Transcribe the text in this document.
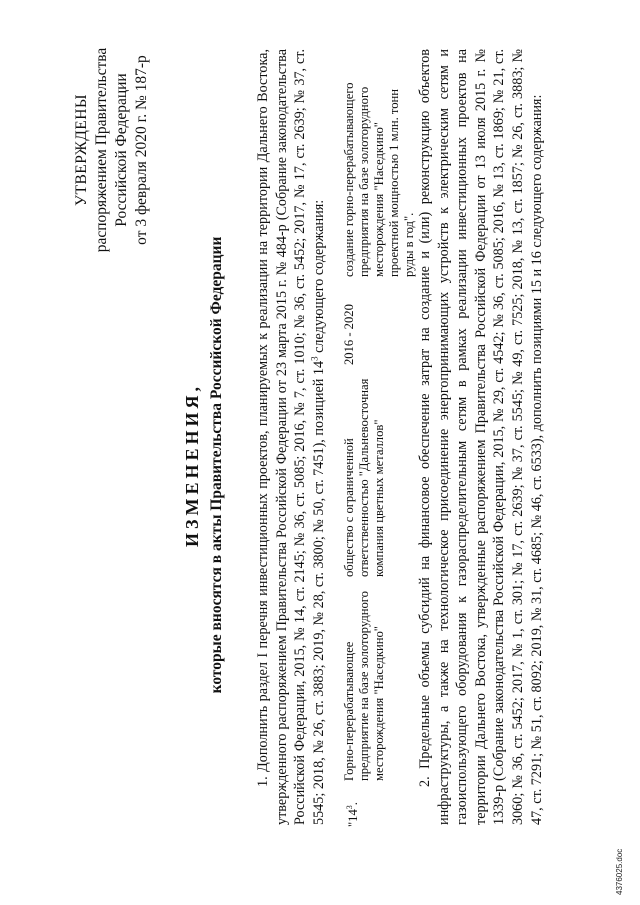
УТВЕРЖДЕНЫ распоряжением Правительства Российской Федерации от 3 февраля 2020 г. № 187-р
ИЗМЕНЕНИЯ, которые вносятся в акты Правительства Российской Федерации 1. Дополнить раздел I перечня инвестиционных проектов, планируемых к реализации на территории Дальнего Востока, утвержденного распоряжением Правительства Российской Федерации от 23 марта 2015 г. № 484-р (Собрание законодательства Российской Федерации, 2015, № 14, ст. 2145; № 36, ст. 5085; 2016, № 7, ст. 1010; № 36, ст. 5452; 2017, № 17, ст. 2639; № 37, ст. 5545; 2018, № 26, ст. 3883; 2019, № 28, ст. 3800; № 50, ст. 7451), позицией $14^3$ следующего содержания:

"$14^3$.
Горно-перерабатывающее предприятие на базе золоторудного месторождения "Наседкино"
общество с ограниченной ответственностью "Дальневосточная компания цветных металлов"
2016 - 2020
создание горно-перерабатывающего предприятия на базе золоторудного месторождения "Наседкино" проектной мощностью 1 млн. тонн руды в год". 2. Предельные объемы субсидий на финансовое обеспечение затрат на создание и (или) реконструкцию объектов инфраструктуры, а также на технологическое присоединение энергопринимающих устройств к электрическим сетям и газоиспользующего оборудования к газораспределительным сетям в рамках реализации инвестиционных проектов на территории Дальнего Востока, утвержденные распоряжением Правительства Российской Федерации от 13 июля 2015 г. № 1339-р (Собрание законодательства Российской Федерации, 2015, № 29, ст. 4542; № 36, ст. 5085; 2016, № 13, ст. 1869; № 21, ст. 3060; № 36, ст. 5452; 2017, № 1, ст. 301; № 17, ст. 2639; № 37, ст. 5545; № 49, ст. 7525; 2018, № 13, ст. 1857; № 26, ст. 3883; № 47, ст. 7291; № 51, ст. 8092; 2019, № 31, ст. 4685; № 46, ст. 6533), дополнить позициями 15 и 16 следующего содержания:

4376025.doc
